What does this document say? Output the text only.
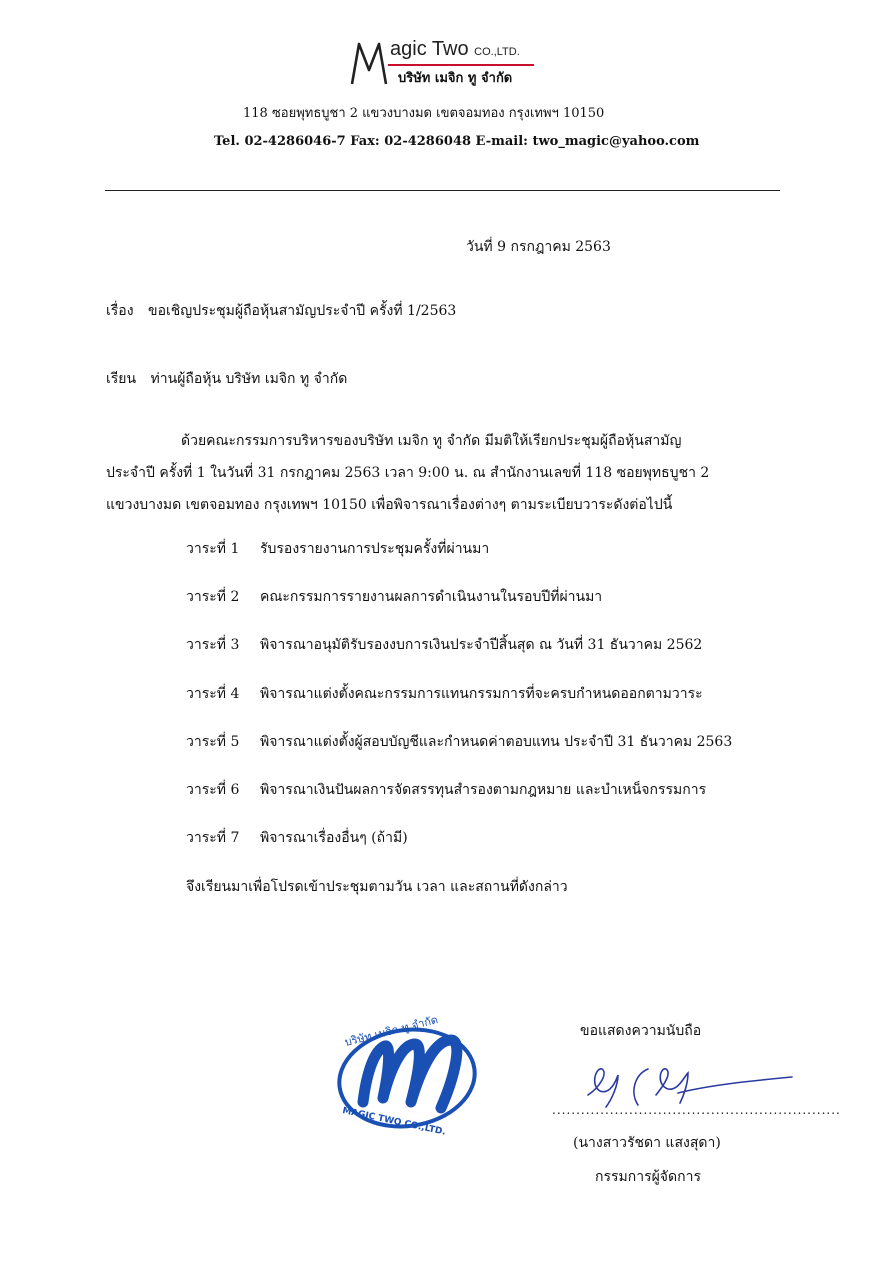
agic Two CO.,LTD.
บริษัท เมจิก ทู จำกัด
118 ซอยพุทธบูชา 2 แขวงบางมด เขตจอมทอง กรุงเทพฯ 10150
Tel. 02-4286046-7 Fax: 02-4286048 E-mail: two_magic@yahoo.com
วันที่ 9 กรกฎาคม 2563
เรื่อง ขอเชิญประชุมผู้ถือหุ้นสามัญประจำปี ครั้งที่ 1/2563
เรียน ท่านผู้ถือหุ้น บริษัท เมจิก ทู จำกัด
ด้วยคณะกรรมการบริหารของบริษัท เมจิก ทู จำกัด มีมติให้เรียกประชุมผู้ถือหุ้นสามัญ
ประจำปี ครั้งที่ 1 ในวันที่ 31 กรกฎาคม 2563 เวลา 9:00 น. ณ สำนักงานเลขที่ 118 ซอยพุทธบูชา 2
แขวงบางมด เขตจอมทอง กรุงเทพฯ 10150 เพื่อพิจารณาเรื่องต่างๆ ตามระเบียบวาระดังต่อไปนี้
วาระที่ 1 รับรองรายงานการประชุมครั้งที่ผ่านมา
วาระที่ 2 คณะกรรมการรายงานผลการดำเนินงานในรอบปีที่ผ่านมา
วาระที่ 3 พิจารณาอนุมัติรับรองงบการเงินประจำปีสิ้นสุด ณ วันที่ 31 ธันวาคม 2562
วาระที่ 4 พิจารณาแต่งตั้งคณะกรรมการแทนกรรมการที่จะครบกำหนดออกตามวาระ
วาระที่ 5 พิจารณาแต่งตั้งผู้สอบบัญชีและกำหนดค่าตอบแทน ประจำปี 31 ธันวาคม 2563
วาระที่ 6 พิจารณาเงินปันผลการจัดสรรทุนสำรองตามกฎหมาย และบำเหน็จกรรมการ
วาระที่ 7 พิจารณาเรื่องอื่นๆ (ถ้ามี)
จึงเรียนมาเพื่อโปรดเข้าประชุมตามวัน เวลา และสถานที่ดังกล่าว
บริษัท เมจิก ทู จำกัด
MAGIC TWO CO.,LTD.
ขอแสดงความนับถือ
............................................................
(นางสาวรัชดา แสงสุดา)
กรรมการผู้จัดการ
